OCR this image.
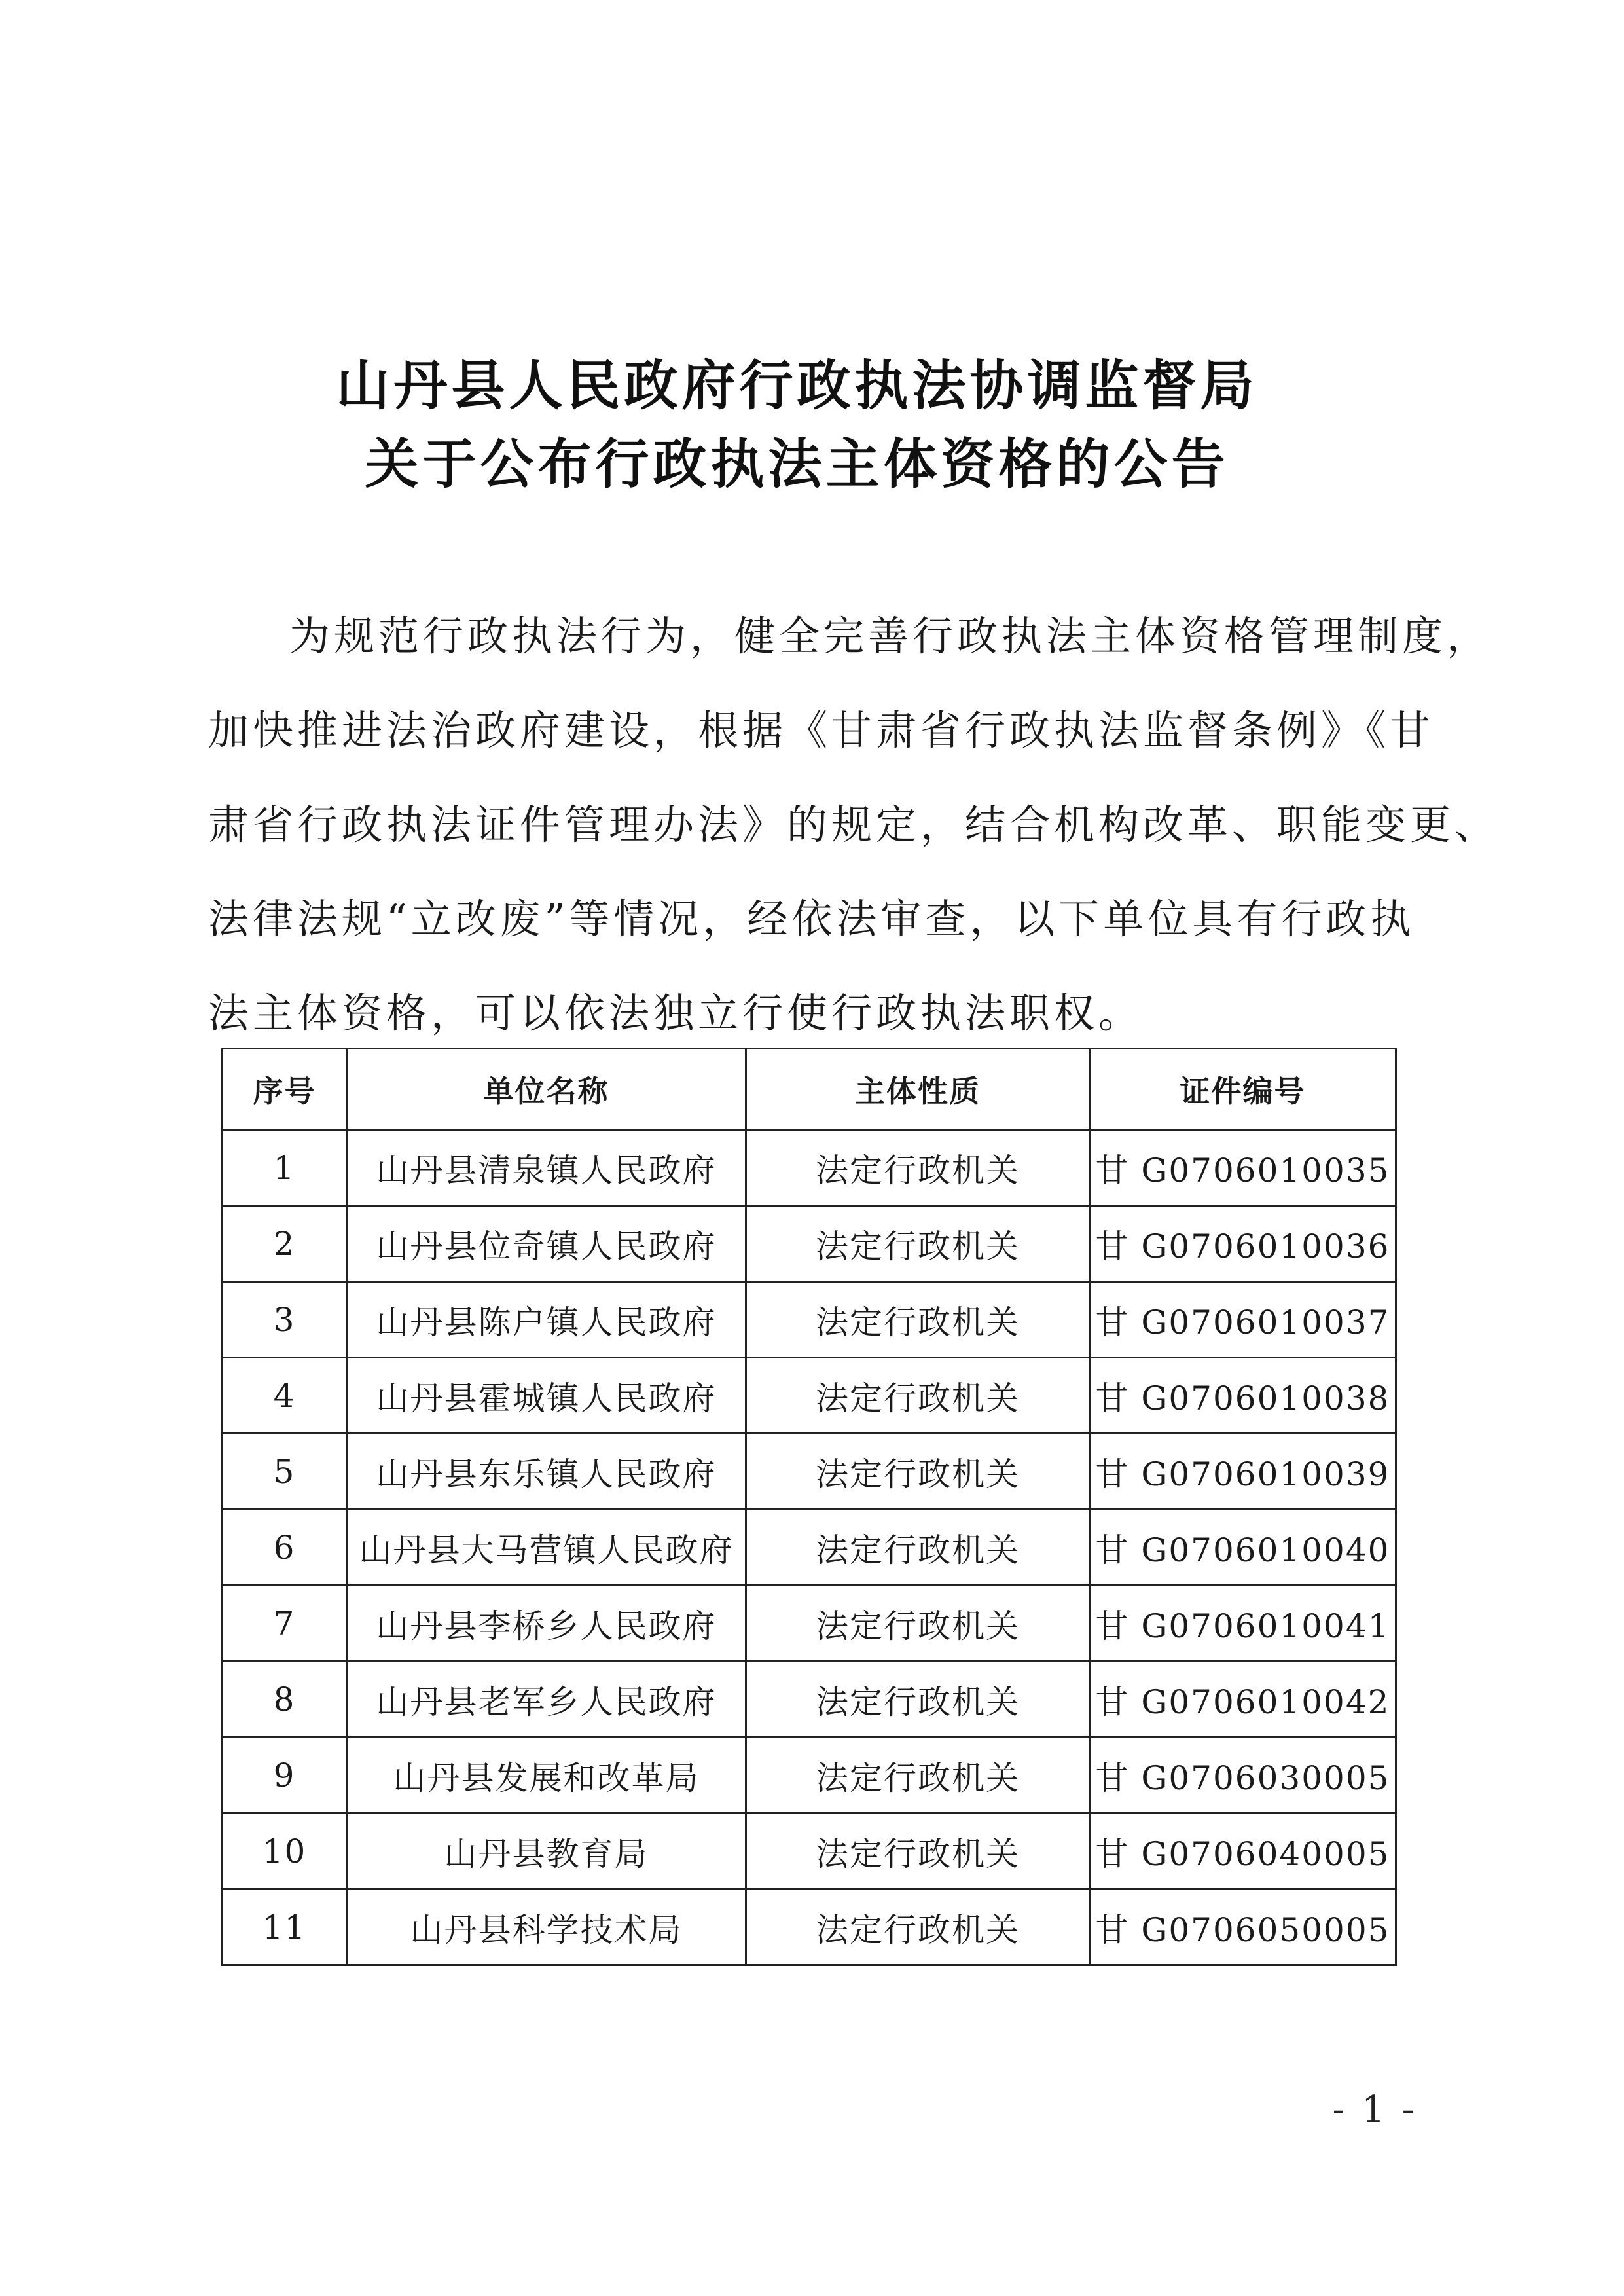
山丹县人民政府行政执法协调监督局
关于公布行政执法主体资格的公告
为规范行政执法行为，健全完善行政执法主体资格管理制度，
加快推进法治政府建设，根据《甘肃省行政执法监督条例》《甘
肃省行政执法证件管理办法》的规定，结合机构改革、职能变更、
法律法规“立改废”等情况，经依法审查，以下单位具有行政执
法主体资格，可以依法独立行使行政执法职权。
序号	单位名称	主体性质	证件编号
1	山丹县清泉镇人民政府	法定行政机关	甘 G0706010035
2	山丹县位奇镇人民政府	法定行政机关	甘 G0706010036
3	山丹县陈户镇人民政府	法定行政机关	甘 G0706010037
4	山丹县霍城镇人民政府	法定行政机关	甘 G0706010038
5	山丹县东乐镇人民政府	法定行政机关	甘 G0706010039
6	山丹县大马营镇人民政府	法定行政机关	甘 G0706010040
7	山丹县李桥乡人民政府	法定行政机关	甘 G0706010041
8	山丹县老军乡人民政府	法定行政机关	甘 G0706010042
9	山丹县发展和改革局	法定行政机关	甘 G0706030005
10	山丹县教育局	法定行政机关	甘 G0706040005
11	山丹县科学技术局	法定行政机关	甘 G0706050005
- 1 -
